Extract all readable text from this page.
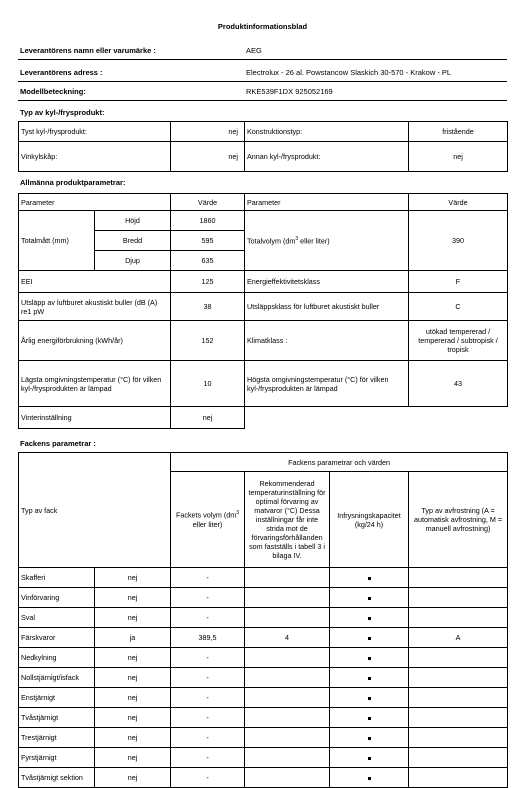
Produktinformationsblad
Leverantörens namn eller varumärke :	AEG
Leverantörens adress :	Electrolux - 26 al. Powstancow Slaskich 30-570 - Krakow - PL
Modellbeteckning:	RKE539F1DX 925052169
Typ av kyl-/frysprodukt:
Tyst kyl-/frysprodukt:	nej	Konstruktionstyp:	fristående
Vinkylskåp:	nej	Annan kyl-/frysprodukt:	nej
Allmänna produktparametrar:
Parameter		Värde	Parameter	Värde
Totalmått (mm)	Höjd	1860	Totalvolym ($dm^3$ eller liter)	390
	Bredd	595		
	Djup	635		
EEI		125	Energieffektivitetsklass	F
Utsläpp av luftburet akustiskt buller (dB (A) re1 pW		38	Utsläppsklass för luftburet akustiskt buller	C
Årlig energiförbrukning (kWh/år)		152	Klimatklass :	utökad tempererad / tempererad / subtropisk / tropisk
Lägsta omgivningstemperatur (°C) för vilken kyl-/frysprodukten är lämpad		10	Högsta omgivningstemperatur (°C) för vilken kyl-/frysprodukten är lämpad	43
Vinterinställning		nej		
Fackens parametrar :
Typ av fack		Fackens parametrar och värden			
		Fackets volym ($dm^3$ eller liter)	Rekommenderad temperaturinställning för optimal förvaring av matvaror (°C) Dessa inställningar får inte strida mot de förvaringsförhållanden som fastställs i tabell 3 i bilaga IV.	Infrysningskapacitet (kg/24 h)	Typ av avfrostning (A = automatisk avfrostning, M = manuell avfrostning)
Skafferi	nej	-			
Vinförvaring	nej	-			
Sval	nej	-			
Färskvaror	ja	389,5	4		A
Nedkylning	nej	-			
Nollstjärnigt/isfack	nej	-			
Enstjärnigt	nej	-			
Tvåstjärnigt	nej	-			
Trestjärnigt	nej	-			
Fyrstjärnigt	nej	-			
Tvåstjärnigt sektion	nej	-			
